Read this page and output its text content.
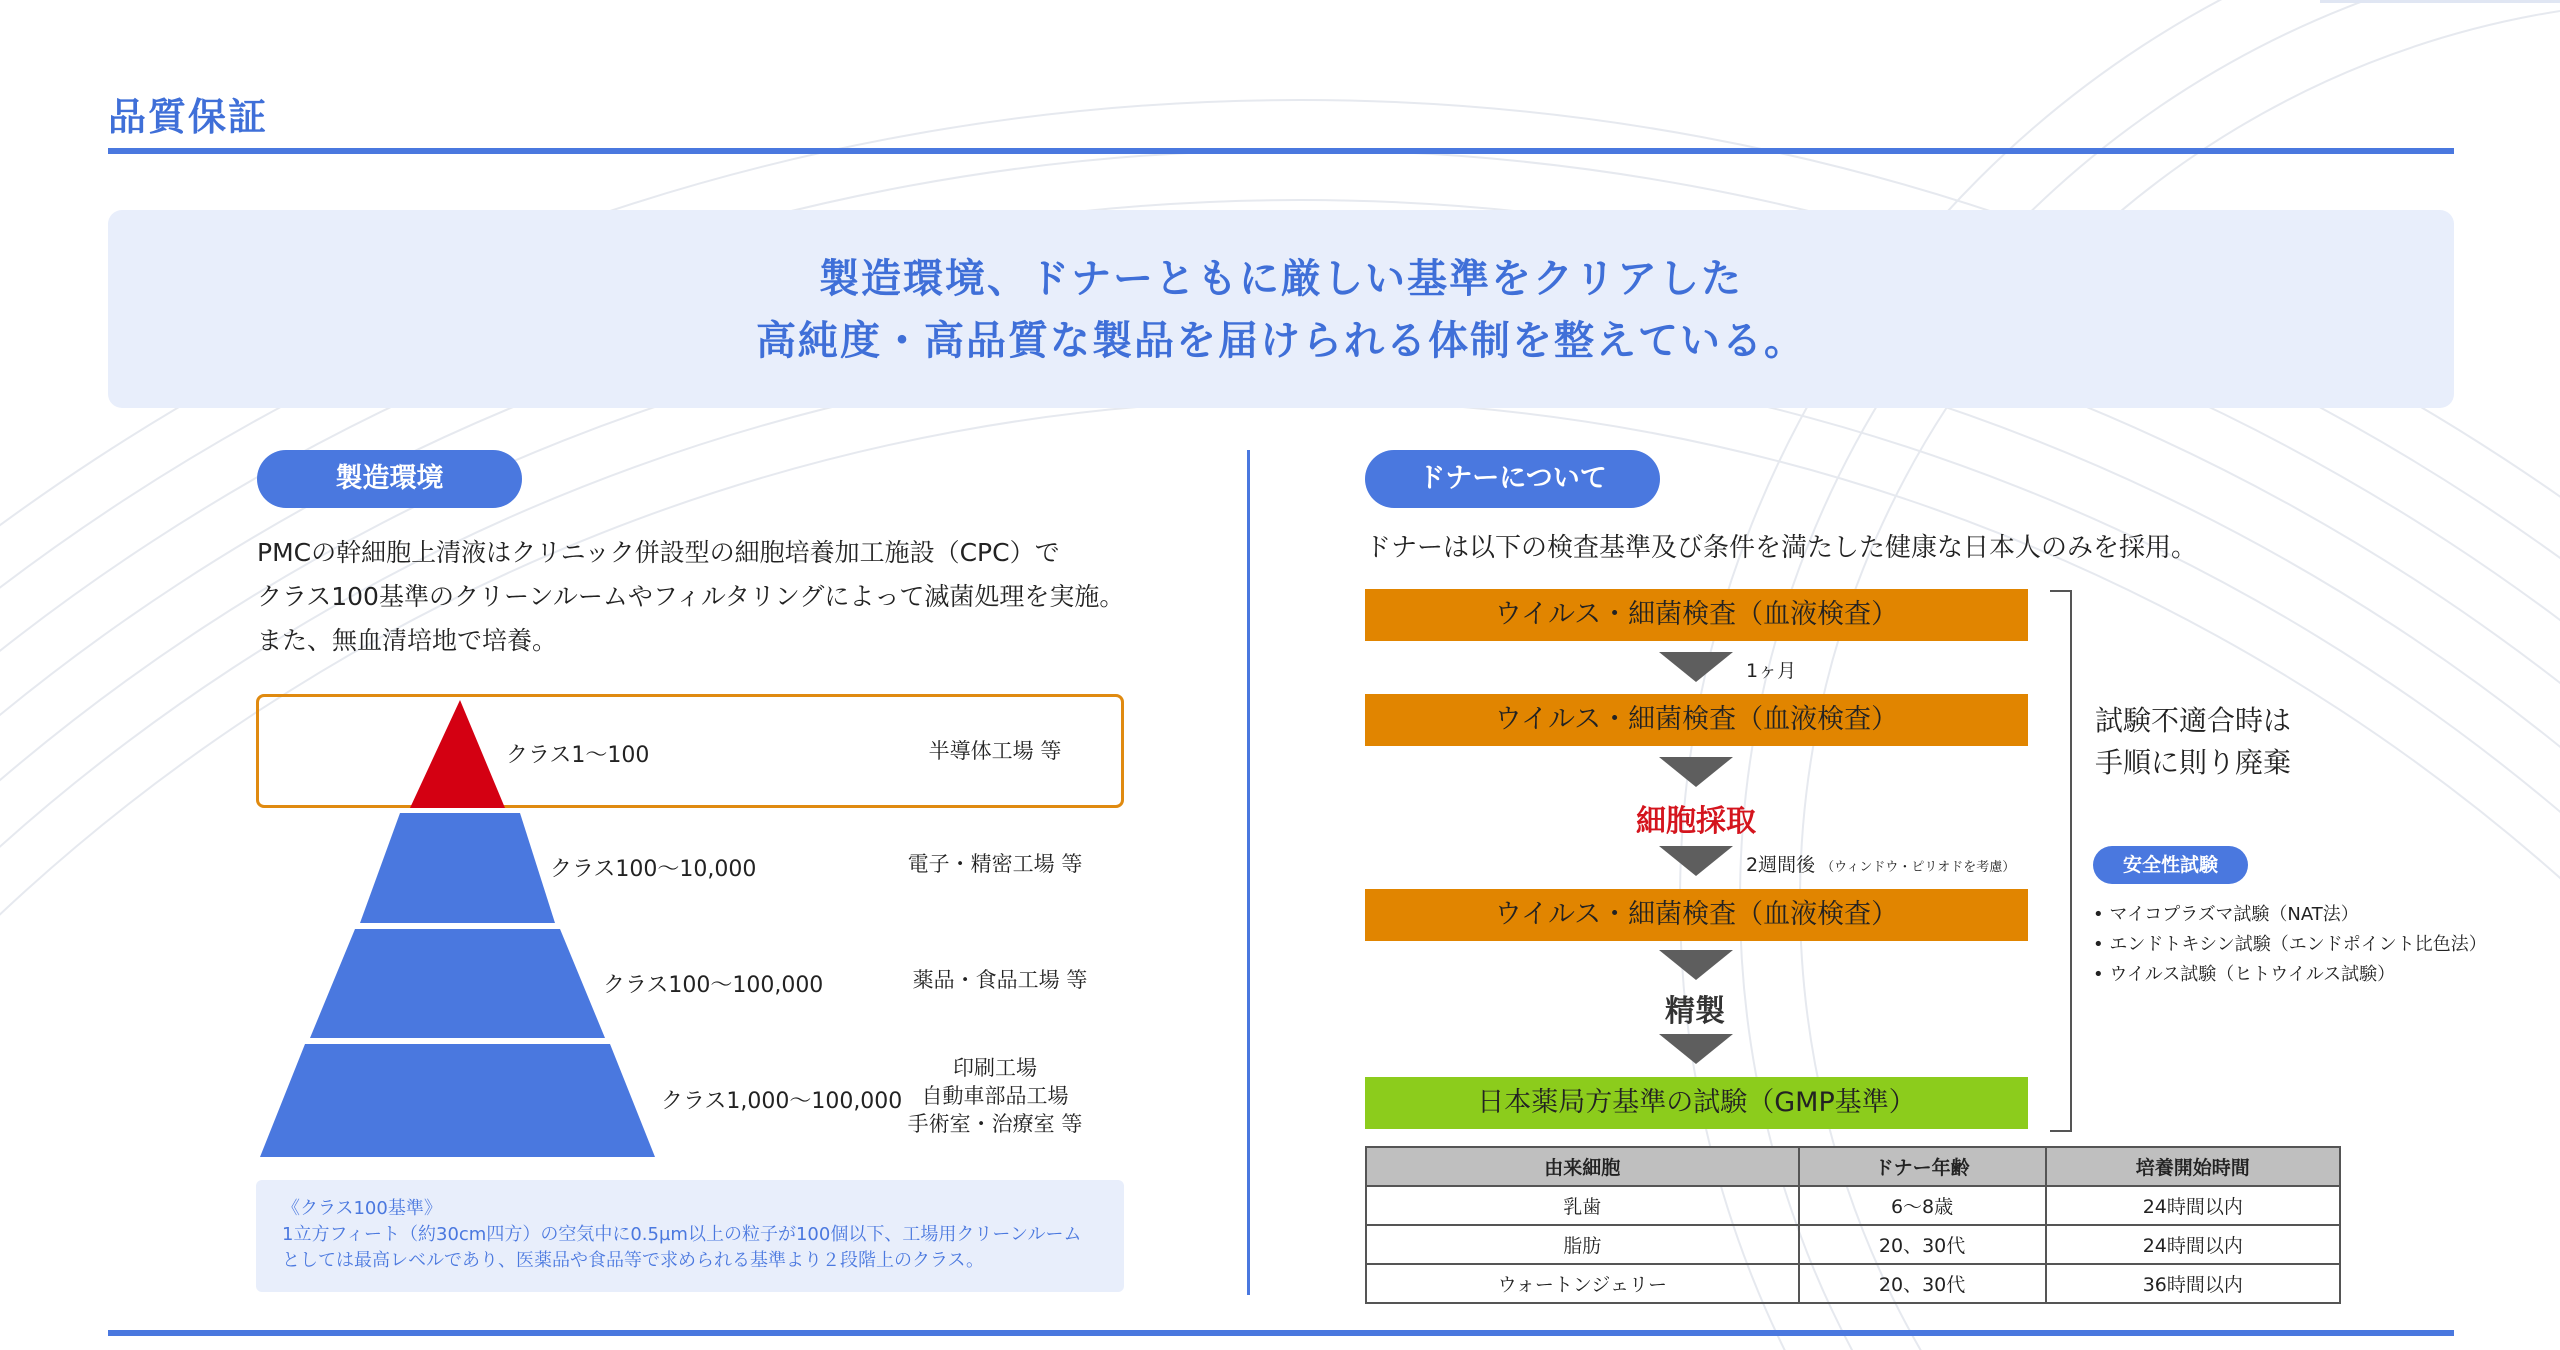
品質保証
製造環境、ドナーともに厳しい基準をクリアした
高純度・高品質な製品を届けられる体制を整えている。
製造環境
PMCの幹細胞上清液はクリニック併設型の細胞培養加工施設（CPC）で
クラス100基準のクリーンルームやフィルタリングによって滅菌処理を実施。
また、無血清培地で培養。
クラス1～100	半導体工場 等
クラス100～10,000	電子・精密工場 等
クラス100～100,000	薬品・食品工場 等
クラス1,000～100,000
印刷工場
自動車部品工場
手術室・治療室 等
《クラス100基準》
1立方フィート（約30cm四方）の空気中に0.5µm以上の粒子が100個以下、工場用クリーンルーム
としては最高レベルであり、医薬品や食品等で求められる基準より２段階上のクラス。
ドナーについて
ドナーは以下の検査基準及び条件を満たした健康な日本人のみを採用。
ウイルス・細菌検査（血液検査）
1ヶ月
ウイルス・細菌検査（血液検査）
細胞採取
2週間後 （ウィンドウ・ピリオドを考慮）
ウイルス・細菌検査（血液検査）
精製
日本薬局方基準の試験（GMP基準）
試験不適合時は
手順に則り廃棄
安全性試験
• マイコプラズマ試験（NAT法）
• エンドトキシン試験（エンドポイント比色法）
• ウイルス試験（ヒトウイルス試験）
由来細胞	ドナー年齢	培養開始時間
乳歯	6～8歳	24時間以内
脂肪	20、30代	24時間以内
ウォートンジェリー	20、30代	36時間以内
